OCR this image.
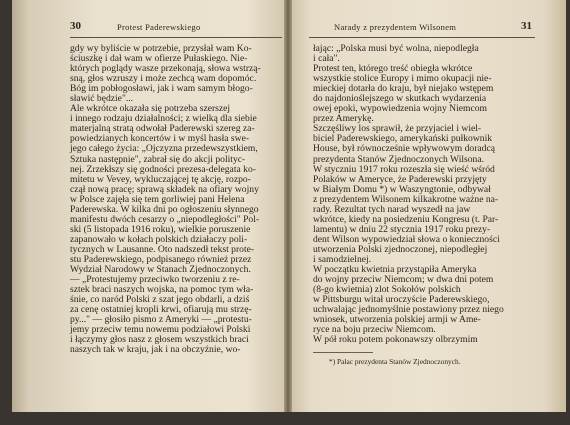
30	Protest Paderewskiego

gdy wy byliście w potrzebie, przysłał wam Ko-

ściuszkę i dał wam w ofierze Pułaskiego. Nie-

których poglądy wasze przekonają, słowa wstrzą-

sną, głos wzruszy i może zechcą wam dopomóc.

Bóg im pobłogosławi, jak i wam samym błogo-

sławić będzie"...

Ale wkrótce okazała się potrzeba szerszej

i innego rodzaju działalności; z wielką dla siebie

materjalną stratą odwołał Paderewski szereg za-

powiedzianych koncertów i w myśl hasła swe-

jego całego życia: „Ojczyzna przedewszystkiem,

Sztuka następnie", zabrał się do akcji polityc-

nej. Zrzekłszy się godności prezesa-delegata ko-

mitetu w Vevey, wykluczającej tę akcję, rozpo-

czął nową pracę; sprawą składek na ofiary wojny

w Polsce zajęła się tem gorliwiej pani Helena

Paderewska. W kilka dni po ogłoszeniu słynnego

manifestu dwóch cesarzy o „niepodległości" Pol-

ski (5 listopada 1916 roku), wielkie poruszenie

zapanowało w kołach polskich działaczy poli-

tycznych w Lausanne. Oto nadszedł tekst prote-

stu Paderewskiego, podpisanego również przez

Wydział Narodowy w Stanach Zjednoczonych.

— „Protestujemy przeciwko tworzeniu z re-

sztek braci naszych wojska, na pomoc tym wła-

śnie, co naród Polski z szat jego obdarli, a dziś

za cenę ostatniej kropli krwi, ofiarują mu strzę-

py..." — głosiło pismo z Ameryki — „protestu-

jemy przeciw temu nowemu podziałowi Polski

i łączymy głos nasz z głosem wszystkich braci

naszych tak w kraju, jak i na obczyźnie, wo-

Narady z prezydentem Wilsonem	31

łając: „Polska musi być wolna, niepodległa

i cała".

Protest ten, którego treść obiegła wkrótce

wszystkie stolice Europy i mimo okupacji nie-

mieckiej dotarła do kraju, był niejako wstępem

do najdonioślejszego w skutkach wydarzenia

owej epoki, wypowiedzenia wojny Niemcom

przez Amerykę.

Szczęśliwy los sprawił, że przyjaciel i wiel-

biciel Paderewskiego, amerykański pułkownik

House, był równocześnie wpływowym doradcą

prezydenta Stanów Zjednoczonych Wilsona.

W styczniu 1917 roku rozeszła się wieść wśród

Polaków w Ameryce, że Paderewski przyjęty

w Białym Domu *) w Waszyngtonie, odbywał

z prezydentem Wilsonem kilkakrotne ważne na-

rady. Rezultat tych narad wyszedł na jaw

wkrótce, kiedy na posiedzeniu Kongresu (t. Par-

lamentu) w dniu 22 stycznia 1917 roku prezy-

dent Wilson wypowiedział słowa o konieczności

utworzenia Polski zjednoczonej, niepodległej

i samodzielnej.

W początku kwietnia przystąpiła Ameryka

do wojny przeciw Niemcom; w dwa dni potem

(8-go kwietnia) zlot Sokołów polskich

w Pittsburgu witał uroczyście Paderewskiego,

uchwalając jednomyślnie postawiony przez niego

wniosek, utworzenia polskiej armji w Ame-

ryce na boju przeciw Niemcom.

W pół roku potem pokonawszy olbrzymim

*) Pałac prezydenta Stanów Zjednoczonych.
